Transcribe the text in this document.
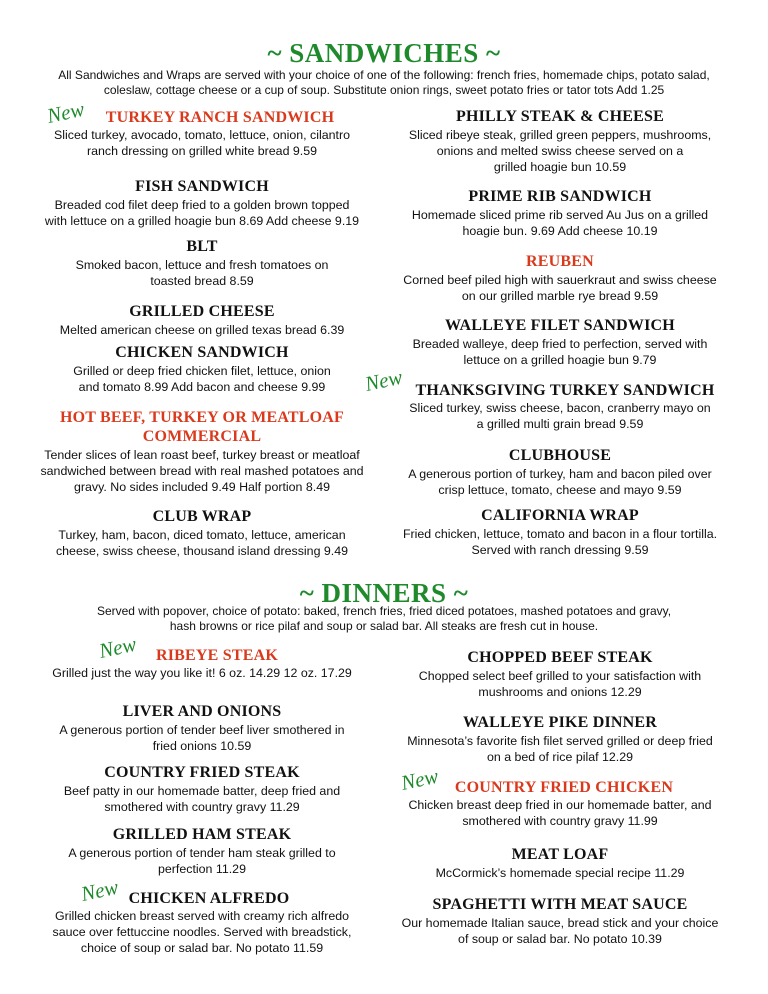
~ SANDWICHES ~
All Sandwiches and Wraps are served with your choice of one of the following: french fries, homemade chips, potato salad,
coleslaw, cottage cheese or a cup of soup. Substitute onion rings, sweet potato fries or tator tots Add 1.25
New	TURKEY RANCH SANDWICH
Sliced turkey, avocado, tomato, lettuce, onion, cilantro
ranch dressing on grilled white bread 9.59
FISH SANDWICH
Breaded cod filet deep fried to a golden brown topped
with lettuce on a grilled hoagie bun 8.69 Add cheese 9.19
BLT
Smoked bacon, lettuce and fresh tomatoes on
toasted bread 8.59
GRILLED CHEESE
Melted american cheese on grilled texas bread 6.39
CHICKEN SANDWICH
Grilled or deep fried chicken filet, lettuce, onion
and tomato 8.99 Add bacon and cheese 9.99
HOT BEEF, TURKEY OR MEATLOAF
COMMERCIAL
Tender slices of lean roast beef, turkey breast or meatloaf
sandwiched between bread with real mashed potatoes and
gravy. No sides included 9.49 Half portion 8.49
CLUB WRAP
Turkey, ham, bacon, diced tomato, lettuce, american
cheese, swiss cheese, thousand island dressing 9.49
PHILLY STEAK & CHEESE
Sliced ribeye steak, grilled green peppers, mushrooms,
onions and melted swiss cheese served on a
grilled hoagie bun 10.59
PRIME RIB SANDWICH
Homemade sliced prime rib served Au Jus on a grilled
hoagie bun. 9.69 Add cheese 10.19
REUBEN
Corned beef piled high with sauerkraut and swiss cheese
on our grilled marble rye bread 9.59
WALLEYE FILET SANDWICH
Breaded walleye, deep fried to perfection, served with
lettuce on a grilled hoagie bun 9.79
New THANKSGIVING TURKEY SANDWICH
Sliced turkey, swiss cheese, bacon, cranberry mayo on
a grilled multi grain bread 9.59
CLUBHOUSE
A generous portion of turkey, ham and bacon piled over
crisp lettuce, tomato, cheese and mayo 9.59
CALIFORNIA WRAP
Fried chicken, lettuce, tomato and bacon in a flour tortilla.
Served with ranch dressing 9.59
~ DINNERS ~
Served with popover, choice of potato: baked, french fries, fried diced potatoes, mashed potatoes and gravy,
hash browns or rice pilaf and soup or salad bar. All steaks are fresh cut in house.
New	RIBEYE STEAK
Grilled just the way you like it! 6 oz. 14.29 12 oz. 17.29
LIVER AND ONIONS
A generous portion of tender beef liver smothered in
fried onions 10.59
COUNTRY FRIED STEAK
Beef patty in our homemade batter, deep fried and
smothered with country gravy 11.29
GRILLED HAM STEAK
A generous portion of tender ham steak grilled to
perfection 11.29
New CHICKEN ALFREDO
Grilled chicken breast served with creamy rich alfredo
sauce over fettuccine noodles. Served with breadstick,
choice of soup or salad bar. No potato 11.59
CHOPPED BEEF STEAK
Chopped select beef grilled to your satisfaction with
mushrooms and onions 12.29
WALLEYE PIKE DINNER
Minnesota’s favorite fish filet served grilled or deep fried
on a bed of rice pilaf 12.29
New COUNTRY FRIED CHICKEN
Chicken breast deep fried in our homemade batter, and
smothered with country gravy 11.99
MEAT LOAF
McCormick’s homemade special recipe 11.29
SPAGHETTI WITH MEAT SAUCE
Our homemade Italian sauce, bread stick and your choice
of soup or salad bar. No potato 10.39
